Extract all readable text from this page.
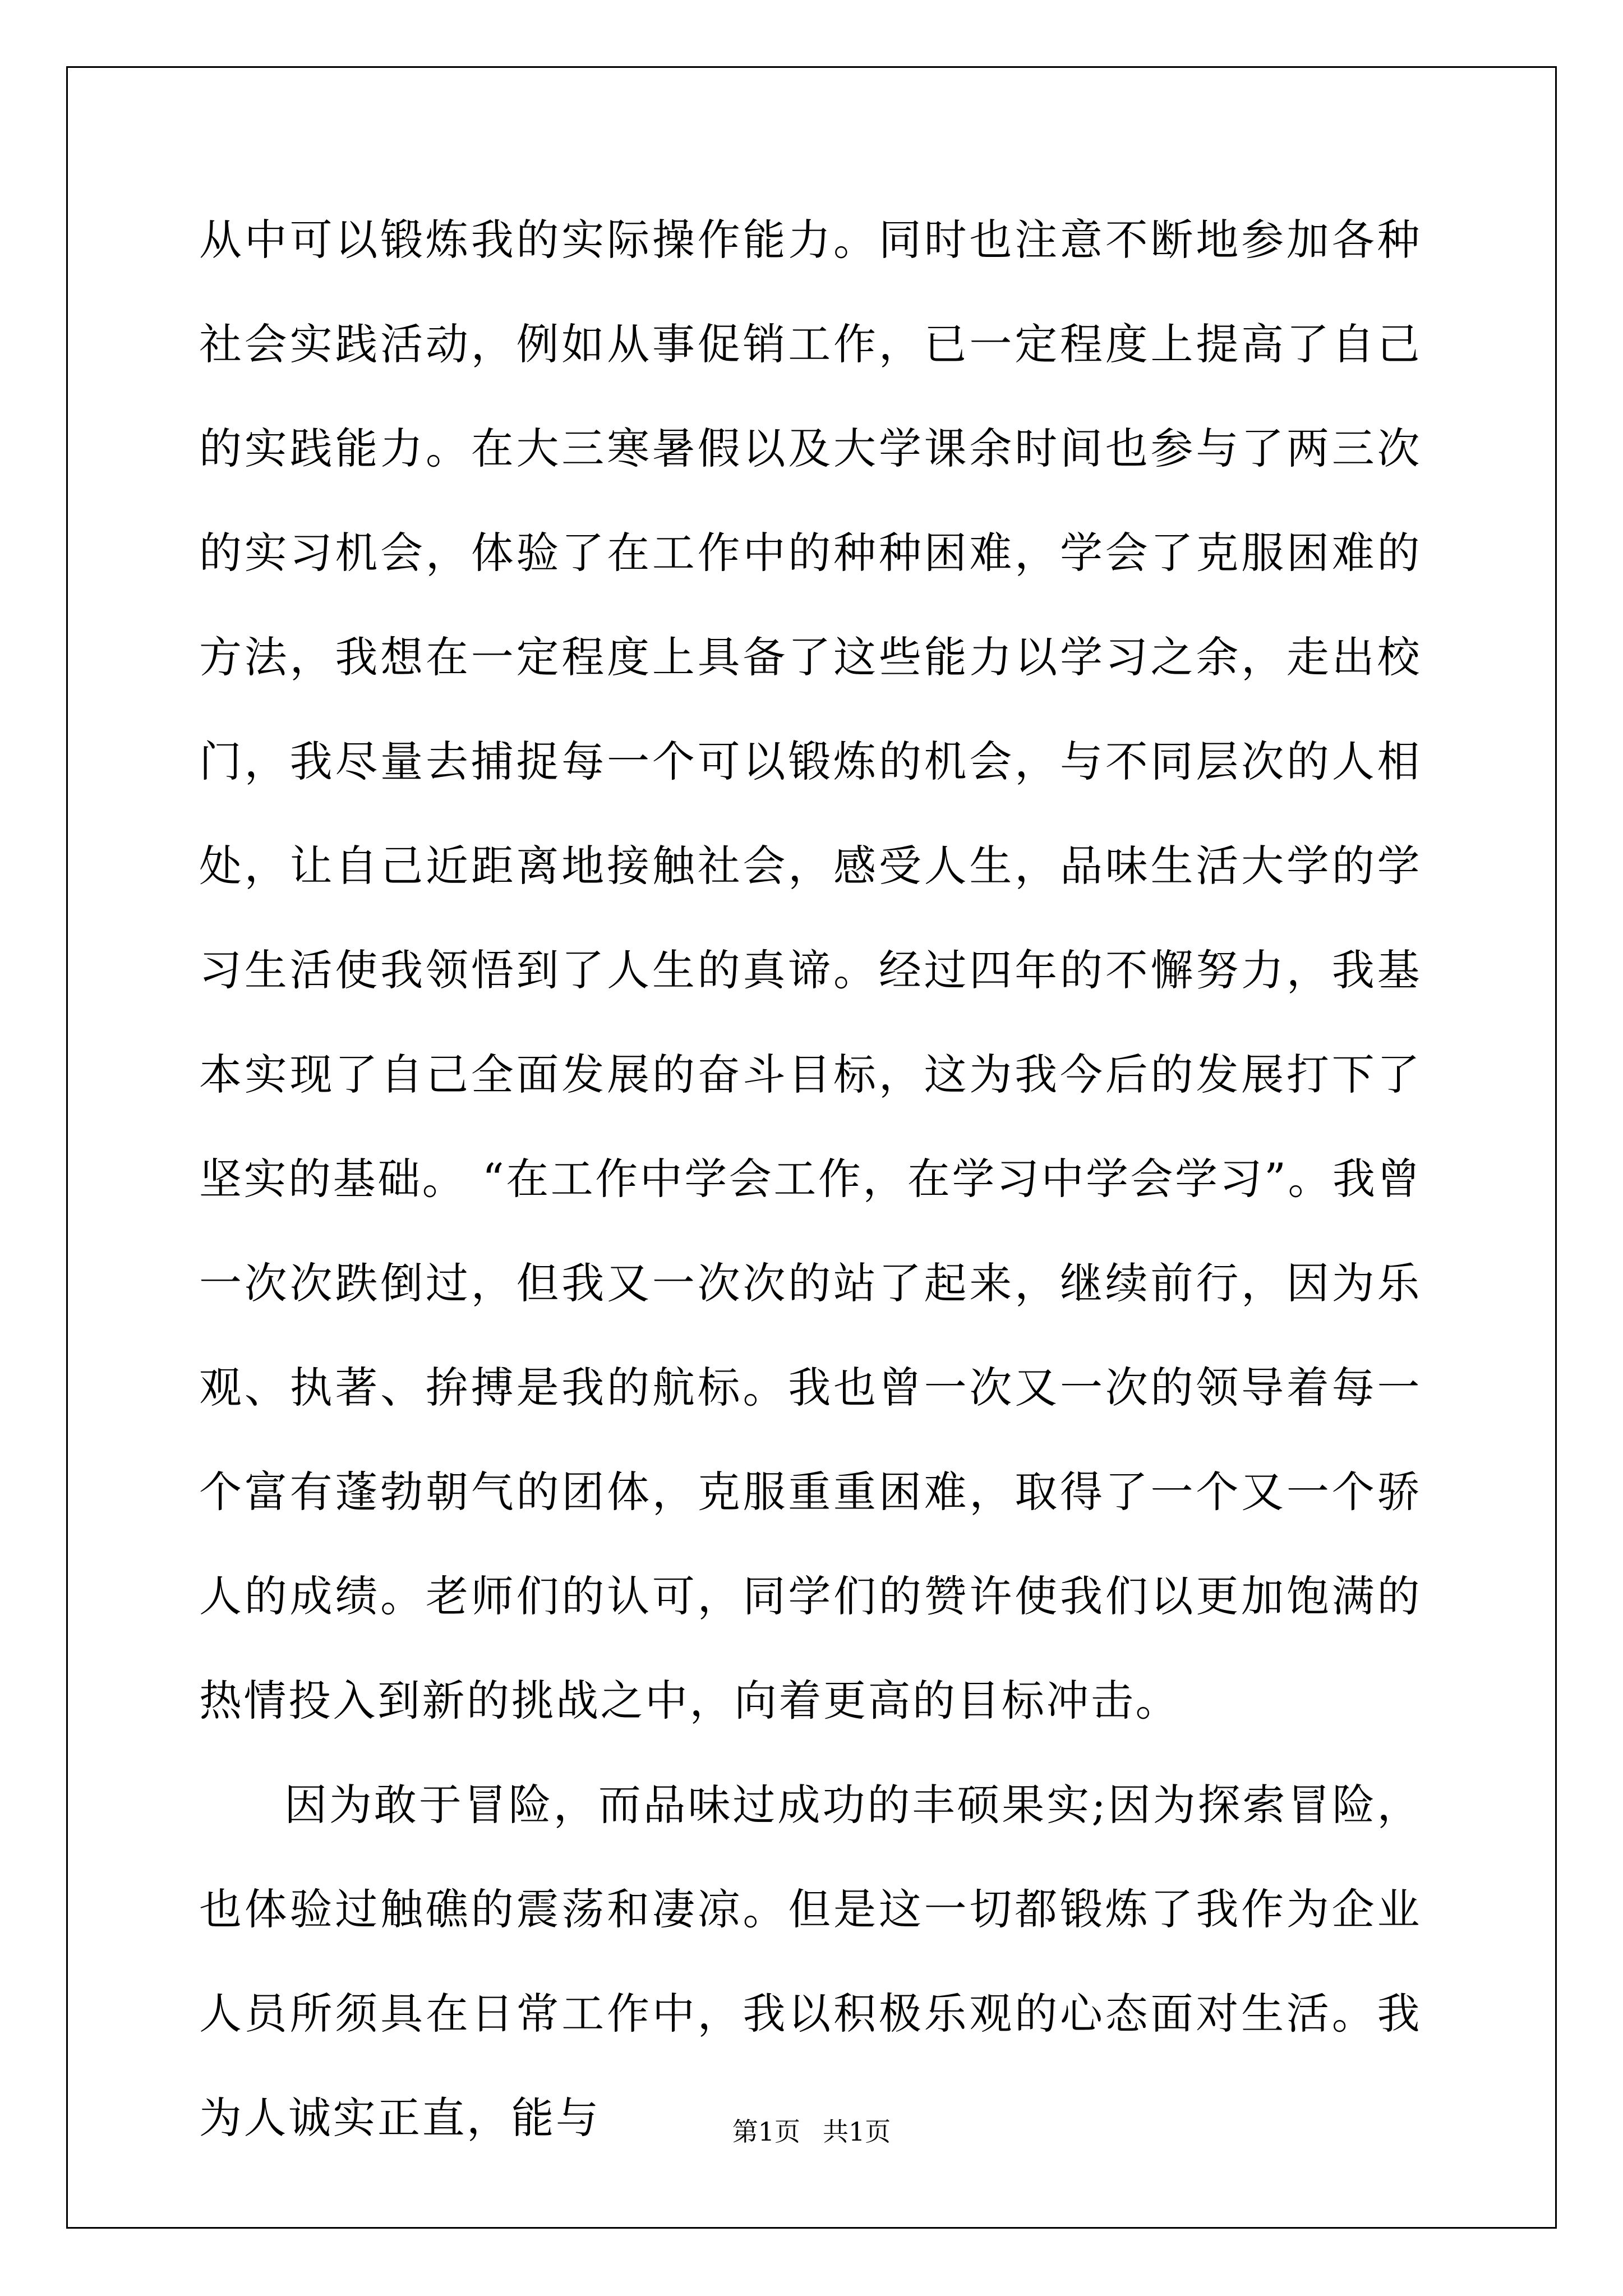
从中可以锻炼我的实际操作能力。同时也注意不断地参加各种社会实践活动，例如从事促销工作，已一定程度上提高了自己的实践能力。在大三寒暑假以及大学课余时间也参与了两三次的实习机会，体验了在工作中的种种困难，学会了克服困难的方法，我想在一定程度上具备了这些能力以学习之余，走出校门，我尽量去捕捉每一个可以锻炼的机会，与不同层次的人相处，让自己近距离地接触社会，感受人生，品味生活大学的学习生活使我领悟到了人生的真谛。经过四年的不懈努力，我基本实现了自己全面发展的奋斗目标，这为我今后的发展打下了坚实的基础。 “在工作中学会工作，在学习中学会学习”。我曾一次次跌倒过，但我又一次次的站了起来，继续前行，因为乐观、执著、拚搏是我的航标。我也曾一次又一次的领导着每一个富有蓬勃朝气的团体，克服重重困难，取得了一个又一个骄人的成绩。老师们的认可，同学们的赞许使我们以更加饱满的热情投入到新的挑战之中，向着更高的目标冲击。

因为敢于冒险，而品味过成功的丰硕果实;因为探索冒险，也体验过触礁的震荡和凄凉。但是这一切都锻炼了我作为企业人员所须具在日常工作中，我以积极乐观的心态面对生活。我为人诚实正直，能与	第1页 共1页
